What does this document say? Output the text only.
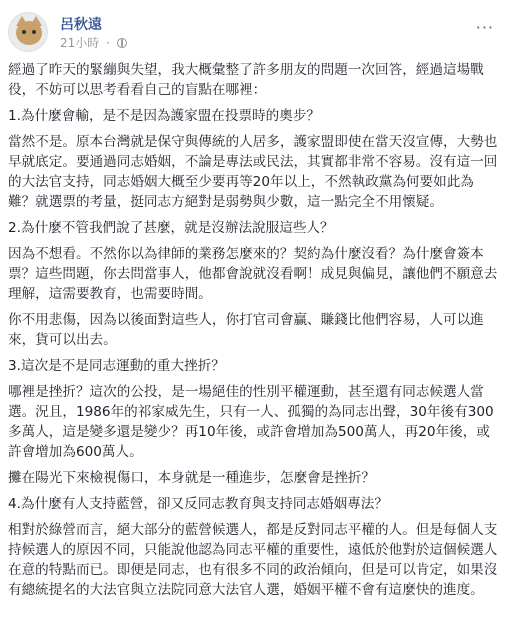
呂秋遠
21小時 ·
···

經過了昨天的緊繃與失望，我大概彙整了許多朋友的問題一次回答，經過這場戰役，不妨可以思考看看自己的盲點在哪裡：

1.為什麼會輸，是不是因為護家盟在投票時的奧步？

當然不是。原本台灣就是保守與傳統的人居多，護家盟即使在當天沒宣傳，大勢也早就底定。要通過同志婚姻，不論是專法或民法，其實都非常不容易。沒有這一回的大法官支持，同志婚姻大概至少要再等20年以上，不然執政黨為何要如此為難？就選票的考量，挺同志方絕對是弱勢與少數，這一點完全不用懷疑。

2.為什麼不管我們說了甚麼，就是沒辦法說服這些人？

因為不想看。不然你以為律師的業務怎麼來的？契約為什麼沒看？為什麼會簽本票？這些問題，你去問當事人，他都會說就沒看啊！成見與偏見，讓他們不願意去理解，這需要教育，也需要時間。

你不用悲傷，因為以後面對這些人，你打官司會贏、賺錢比他們容易，人可以進來，貨可以出去。

3.這次是不是同志運動的重大挫折？

哪裡是挫折？這次的公投，是一場絕佳的性別平權運動，甚至還有同志候選人當選。況且，1986年的祁家威先生，只有一人、孤獨的為同志出聲，30年後有300多萬人，這是變多還是變少？再10年後，或許會增加為500萬人，再20年後，或許會增加為600萬人。

攤在陽光下來檢視傷口，本身就是一種進步，怎麼會是挫折？

4.為什麼有人支持藍營，卻又反同志教育與支持同志婚姻專法？

相對於綠營而言，絕大部分的藍營候選人，都是反對同志平權的人。但是每個人支持候選人的原因不同，只能說他認為同志平權的重要性，遠低於他對於這個候選人在意的特點而已。即便是同志，也有很多不同的政治傾向，但是可以肯定，如果沒有總統提名的大法官與立法院同意大法官人選，婚姻平權不會有這麼快的進度。
